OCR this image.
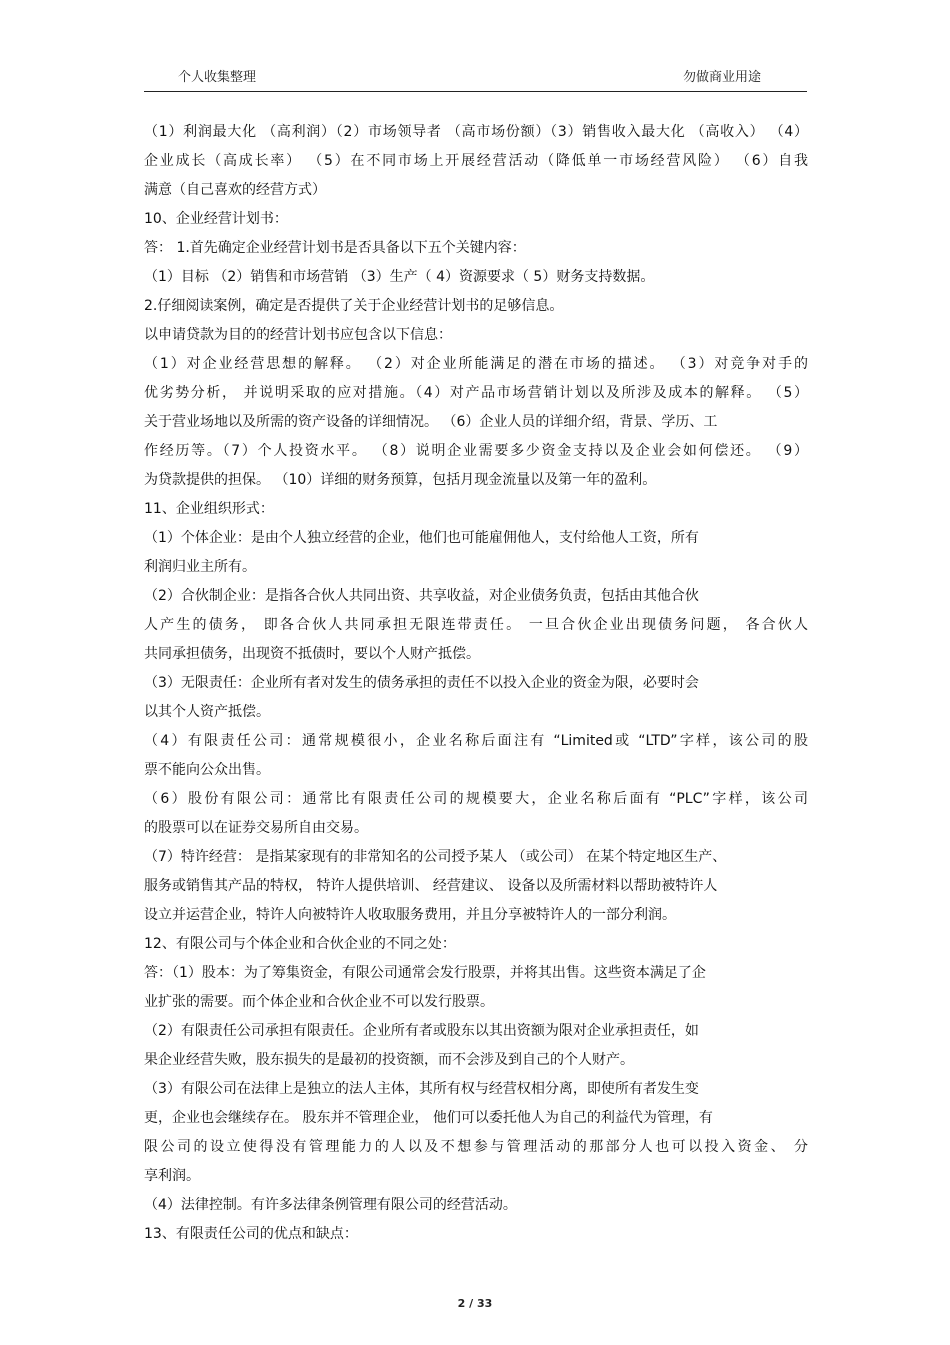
个人收集整理	勿做商业用途
（1）利润最大化 （高利润）（2）市场领导者 （高市场份额）（3）销售收入最大化 （高收入） （4）
企业成长（高成长率） （5）在不同市场上开展经营活动（降低单一市场经营风险） （6）自我
满意（自己喜欢的经营方式）
10、企业经营计划书：
答： 1.首先确定企业经营计划书是否具备以下五个关键内容：
（1）目标 （2）销售和市场营销 （3）生产（ 4）资源要求（ 5）财务支持数据。
2.仔细阅读案例，确定是否提供了关于企业经营计划书的足够信息。
以申请贷款为目的的经营计划书应包含以下信息：
（1）对企业经营思想的解释。 （2）对企业所能满足的潜在市场的描述。 （3）对竞争对手的
优劣势分析， 并说明采取的应对措施。（4）对产品市场营销计划以及所涉及成本的解释。 （5）
关于营业场地以及所需的资产设备的详细情况。 （6）企业人员的详细介绍，背景、学历、工
作经历等。（7）个人投资水平。 （8）说明企业需要多少资金支持以及企业会如何偿还。 （9）
为贷款提供的担保。 （10）详细的财务预算，包括月现金流量以及第一年的盈利。
11、企业组织形式：
（1）个体企业：是由个人独立经营的企业，他们也可能雇佣他人，支付给他人工资，所有
利润归业主所有。
（2）合伙制企业：是指各合伙人共同出资、共享收益，对企业债务负责，包括由其他合伙
人产生的债务， 即各合伙人共同承担无限连带责任。 一旦合伙企业出现债务问题， 各合伙人
共同承担债务，出现资不抵债时，要以个人财产抵偿。
（3）无限责任：企业所有者对发生的债务承担的责任不以投入企业的资金为限，必要时会
以其个人资产抵偿。
（4）有限责任公司：通常规模很小，企业名称后面注有 “Limited或 “LTD”字样，该公司的股
票不能向公众出售。
（6）股份有限公司：通常比有限责任公司的规模要大，企业名称后面有 “PLC”字样，该公司
的股票可以在证券交易所自由交易。
（7）特许经营： 是指某家现有的非常知名的公司授予某人 （或公司） 在某个特定地区生产、
服务或销售其产品的特权， 特许人提供培训、 经营建议、 设备以及所需材料以帮助被特许人
设立并运营企业，特许人向被特许人收取服务费用，并且分享被特许人的一部分利润。
12、有限公司与个体企业和合伙企业的不同之处：
答：（1）股本：为了筹集资金，有限公司通常会发行股票，并将其出售。这些资本满足了企
业扩张的需要。而个体企业和合伙企业不可以发行股票。
（2）有限责任公司承担有限责任。企业所有者或股东以其出资额为限对企业承担责任，如
果企业经营失败，股东损失的是最初的投资额，而不会涉及到自己的个人财产。
（3）有限公司在法律上是独立的法人主体，其所有权与经营权相分离，即使所有者发生变
更，企业也会继续存在。 股东并不管理企业， 他们可以委托他人为自己的利益代为管理，有
限公司的设立使得没有管理能力的人以及不想参与管理活动的那部分人也可以投入资金、 分
享利润。
（4）法律控制。有许多法律条例管理有限公司的经营活动。
13、有限责任公司的优点和缺点：
2 / 33
